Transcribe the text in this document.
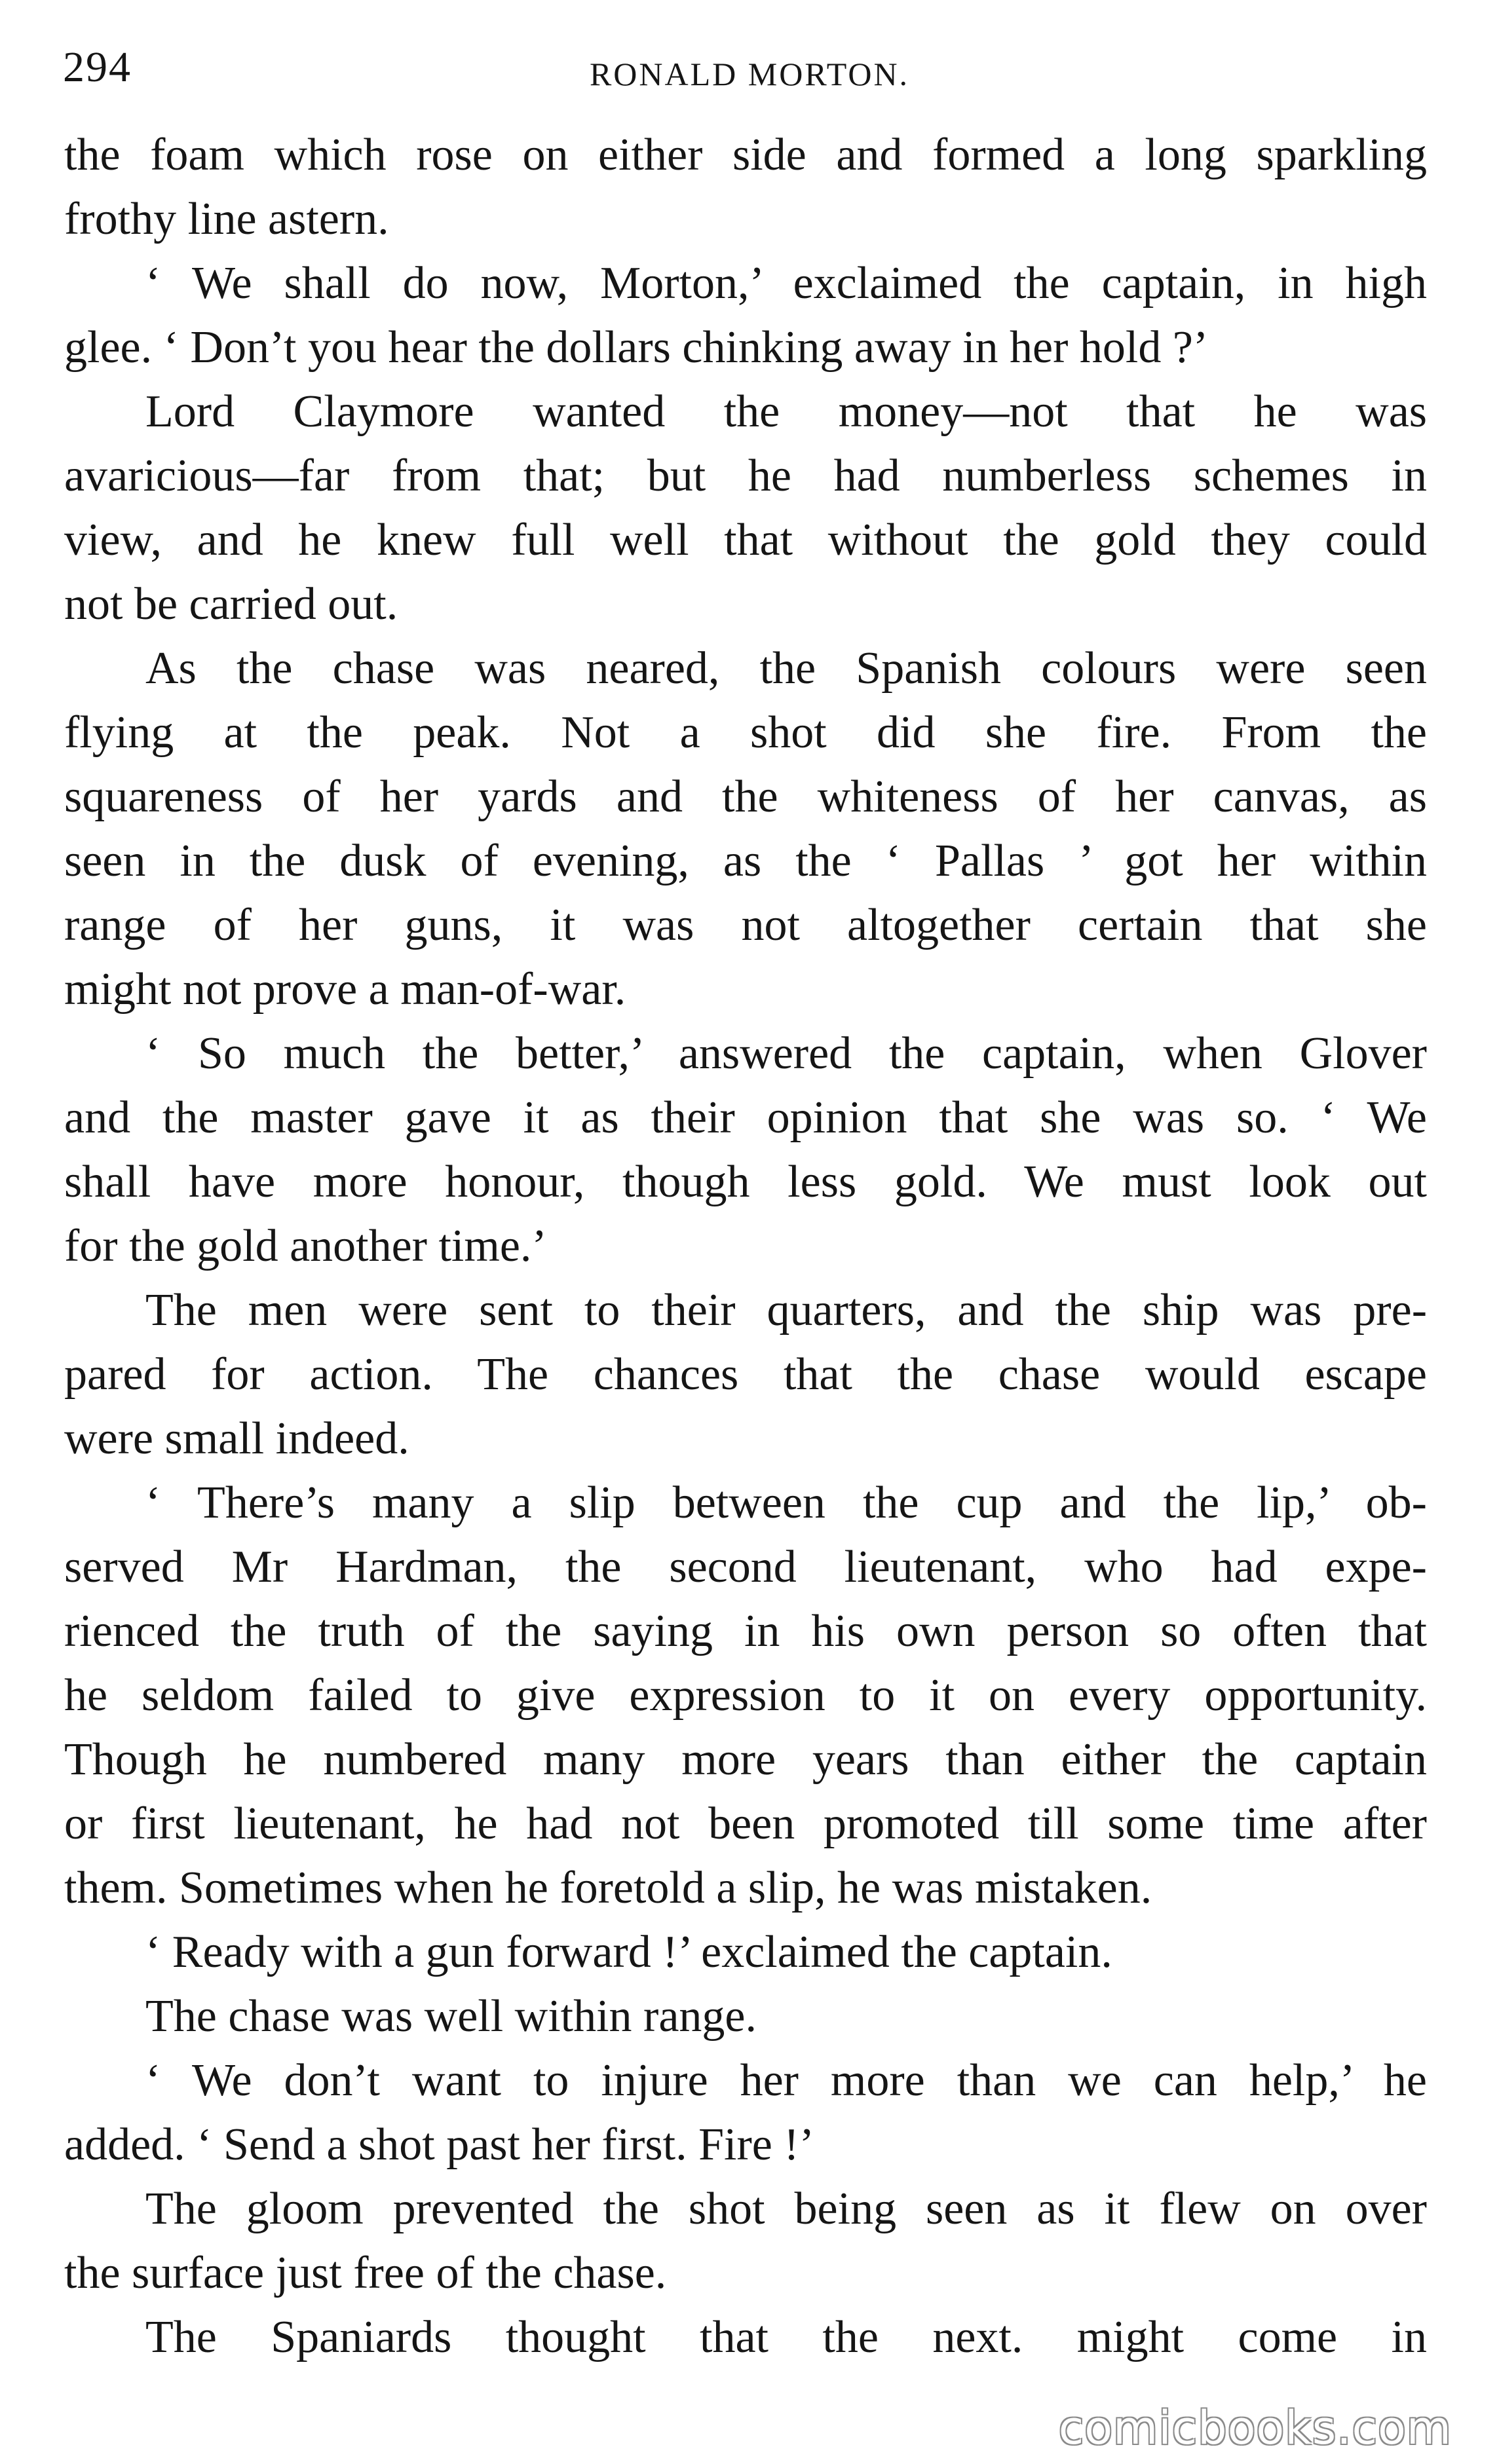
294	RONALD MORTON.
the foam which rose on either side and formed a long sparkling
frothy line astern.
‘ We shall do now, Morton,’ exclaimed the captain, in high
glee. ‘ Don’t you hear the dollars chinking away in her hold ?’
Lord Claymore wanted the money—not that he was
avaricious—far from that; but he had numberless schemes in
view, and he knew full well that without the gold they could
not be carried out.
As the chase was neared, the Spanish colours were seen
flying at the peak. Not a shot did she fire. From the
squareness of her yards and the whiteness of her canvas, as
seen in the dusk of evening, as the ‘ Pallas ’ got her within
range of her guns, it was not altogether certain that she
might not prove a man-of-war.
‘ So much the better,’ answered the captain, when Glover
and the master gave it as their opinion that she was so. ‘ We
shall have more honour, though less gold. We must look out
for the gold another time.’
The men were sent to their quarters, and the ship was pre-
pared for action. The chances that the chase would escape
were small indeed.
‘ There’s many a slip between the cup and the lip,’ ob-
served Mr Hardman, the second lieutenant, who had expe-
rienced the truth of the saying in his own person so often that
he seldom failed to give expression to it on every opportunity.
Though he numbered many more years than either the captain
or first lieutenant, he had not been promoted till some time after
them. Sometimes when he foretold a slip, he was mistaken.
‘ Ready with a gun forward !’ exclaimed the captain.
The chase was well within range.
‘ We don’t want to injure her more than we can help,’ he
added. ‘ Send a shot past her first. Fire !’
The gloom prevented the shot being seen as it flew on over
the surface just free of the chase.
The Spaniards thought that the next. might come in
comicbooks.com
